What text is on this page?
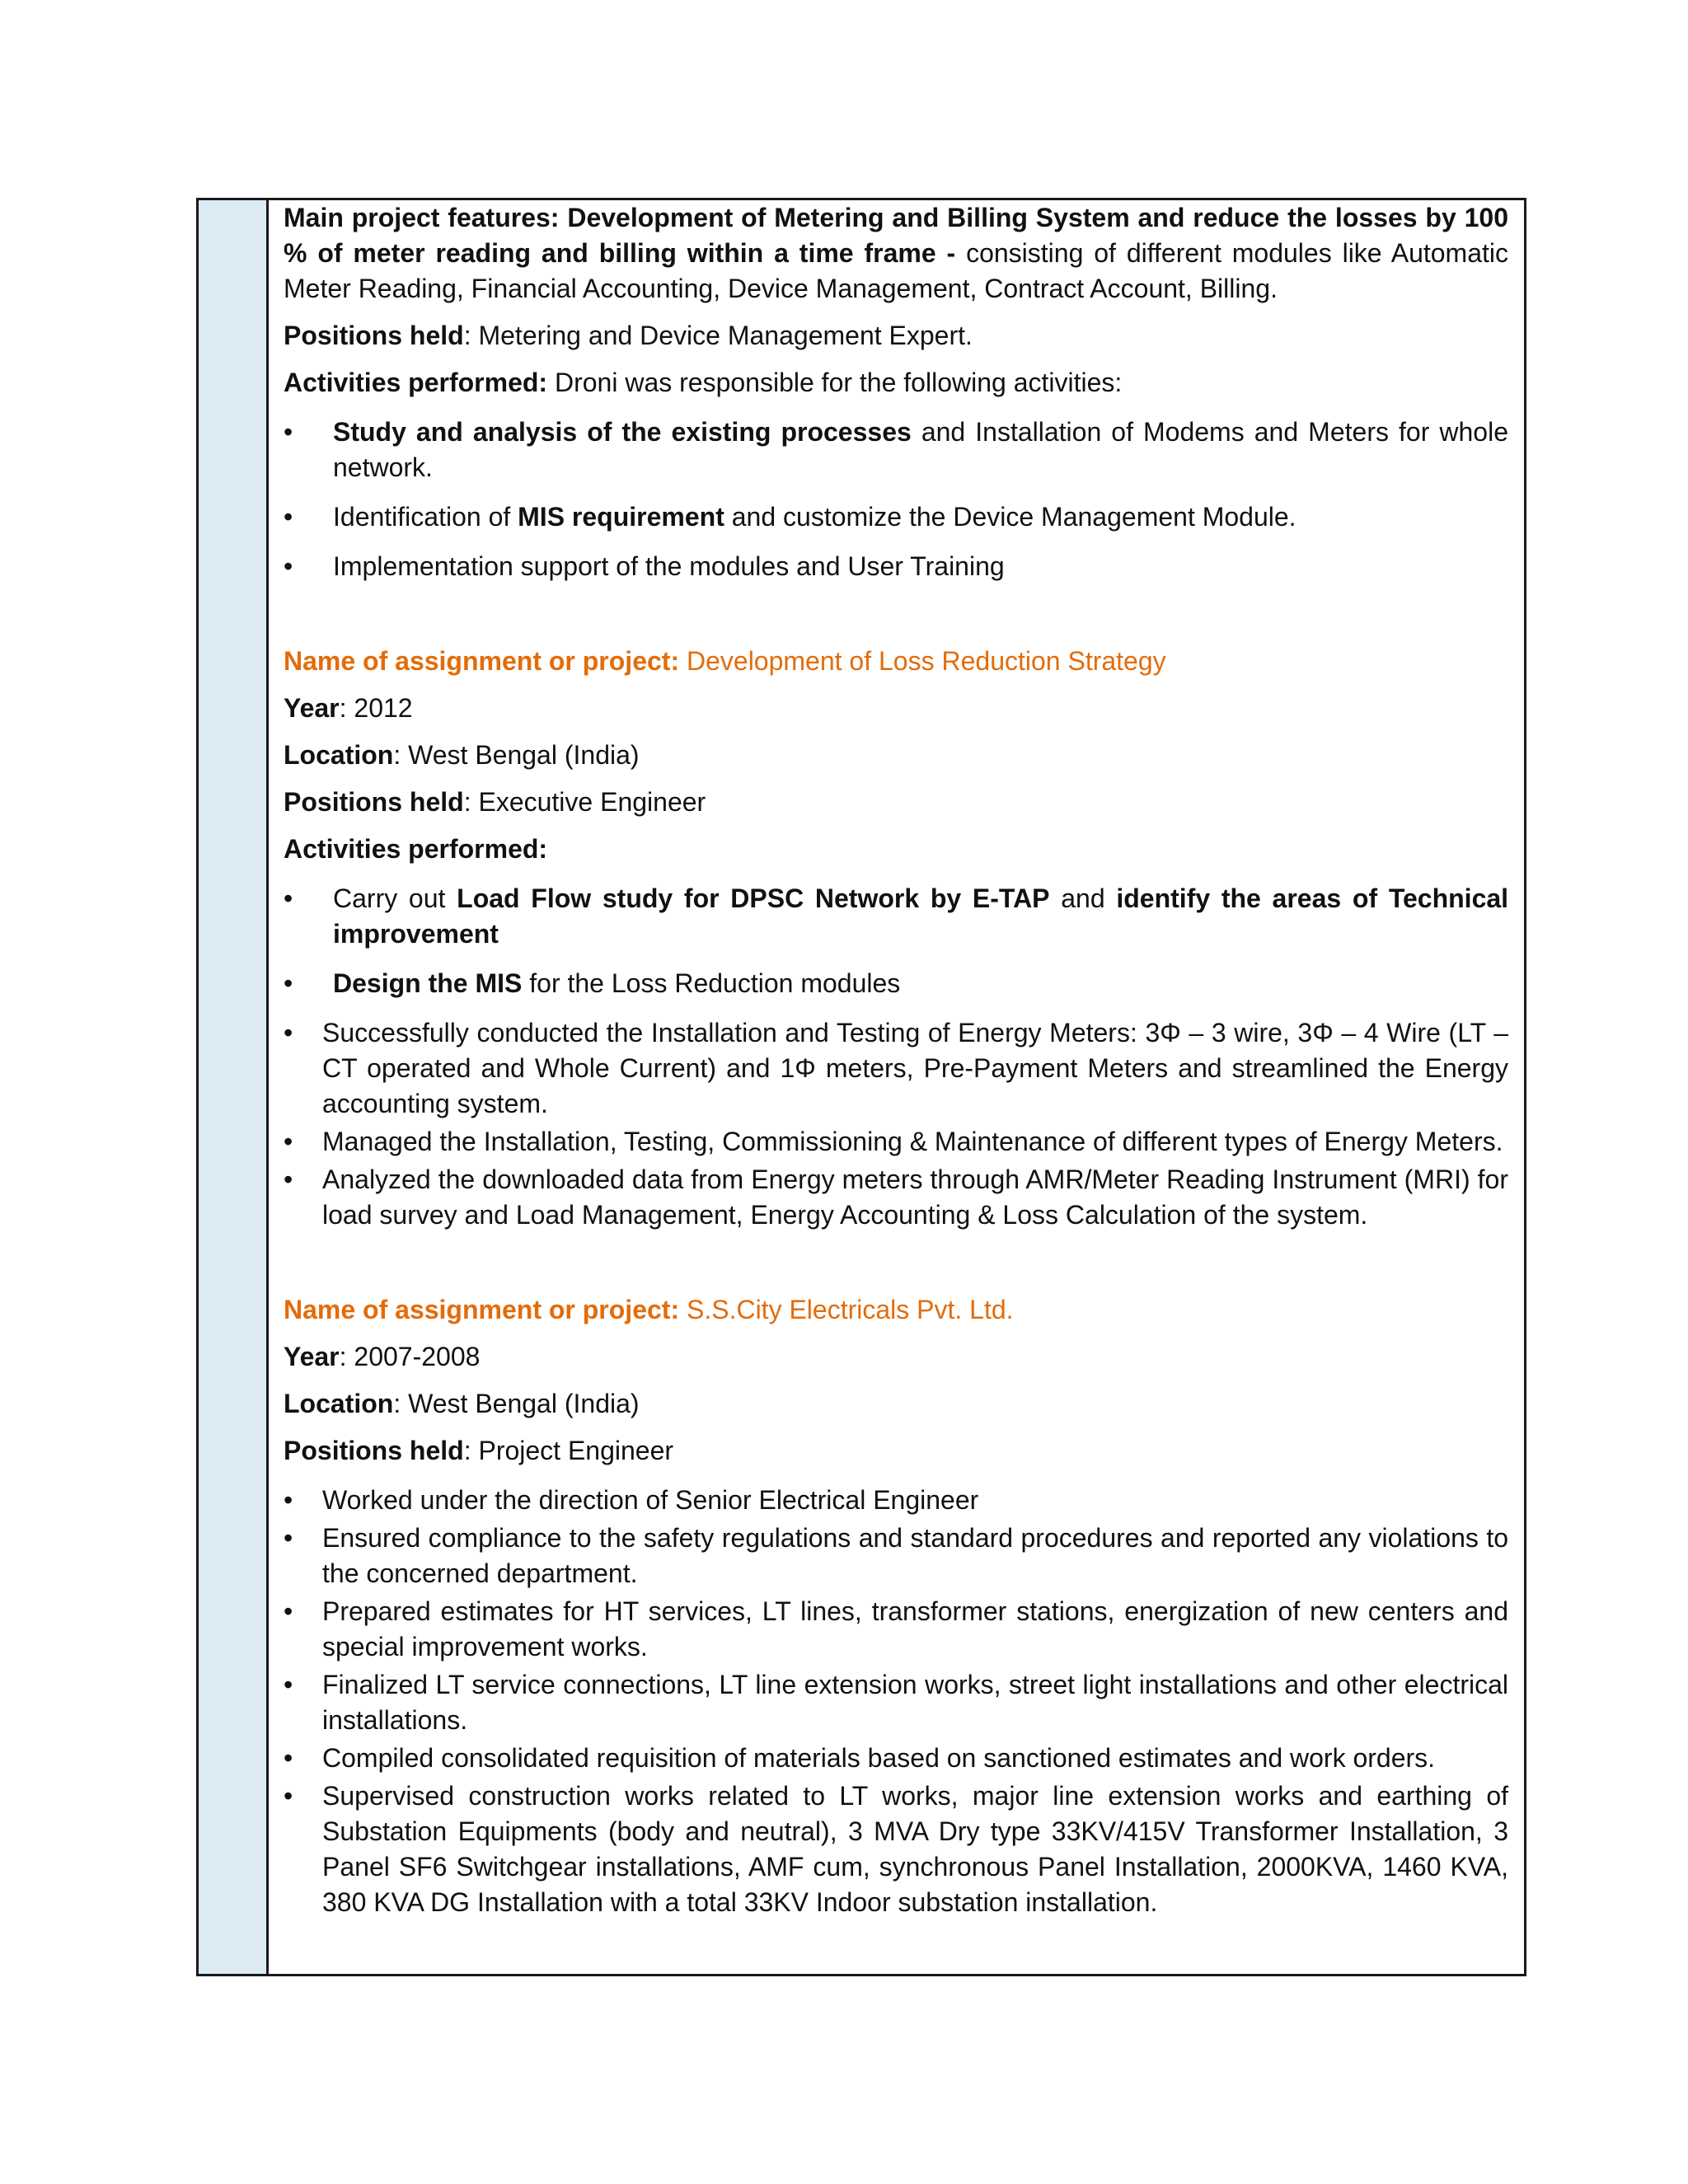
Main project features: Development of Metering and Billing System and reduce the losses by 100 % of meter reading and billing within a time frame - consisting of different modules like Automatic Meter Reading, Financial Accounting, Device Management, Contract Account, Billing.

Positions held: Metering and Device Management Expert.

Activities performed: Droni was responsible for the following activities:

• Study and analysis of the existing processes and Installation of Modems and Meters for whole network.
• Identification of MIS requirement and customize the Device Management Module.
• Implementation support of the modules and User Training

Name of assignment or project: Development of Loss Reduction Strategy

Year: 2012

Location: West Bengal (India)

Positions held: Executive Engineer

Activities performed:

• Carry out Load Flow study for DPSC Network by E-TAP and identify the areas of Technical improvement
• Design the MIS for the Loss Reduction modules
• Successfully conducted the Installation and Testing of Energy Meters: 3Φ – 3 wire, 3Φ – 4 Wire (LT – CT operated and Whole Current) and 1Φ meters, Pre-Payment Meters and streamlined the Energy accounting system.
• Managed the Installation, Testing, Commissioning & Maintenance of different types of Energy Meters.
• Analyzed the downloaded data from Energy meters through AMR/Meter Reading Instrument (MRI) for load survey and Load Management, Energy Accounting & Loss Calculation of the system.

Name of assignment or project: S.S.City Electricals Pvt. Ltd.

Year: 2007-2008

Location: West Bengal (India)

Positions held: Project Engineer

• Worked under the direction of Senior Electrical Engineer
• Ensured compliance to the safety regulations and standard procedures and reported any violations to the concerned department.
• Prepared estimates for HT services, LT lines, transformer stations, energization of new centers and special improvement works.
• Finalized LT service connections, LT line extension works, street light installations and other electrical installations.
• Compiled consolidated requisition of materials based on sanctioned estimates and work orders.
• Supervised construction works related to LT works, major line extension works and earthing of Substation Equipments (body and neutral), 3 MVA Dry type 33KV/415V Transformer Installation, 3 Panel SF6 Switchgear installations, AMF cum, synchronous Panel Installation, 2000KVA, 1460 KVA, 380 KVA DG Installation with a total 33KV Indoor substation installation.
